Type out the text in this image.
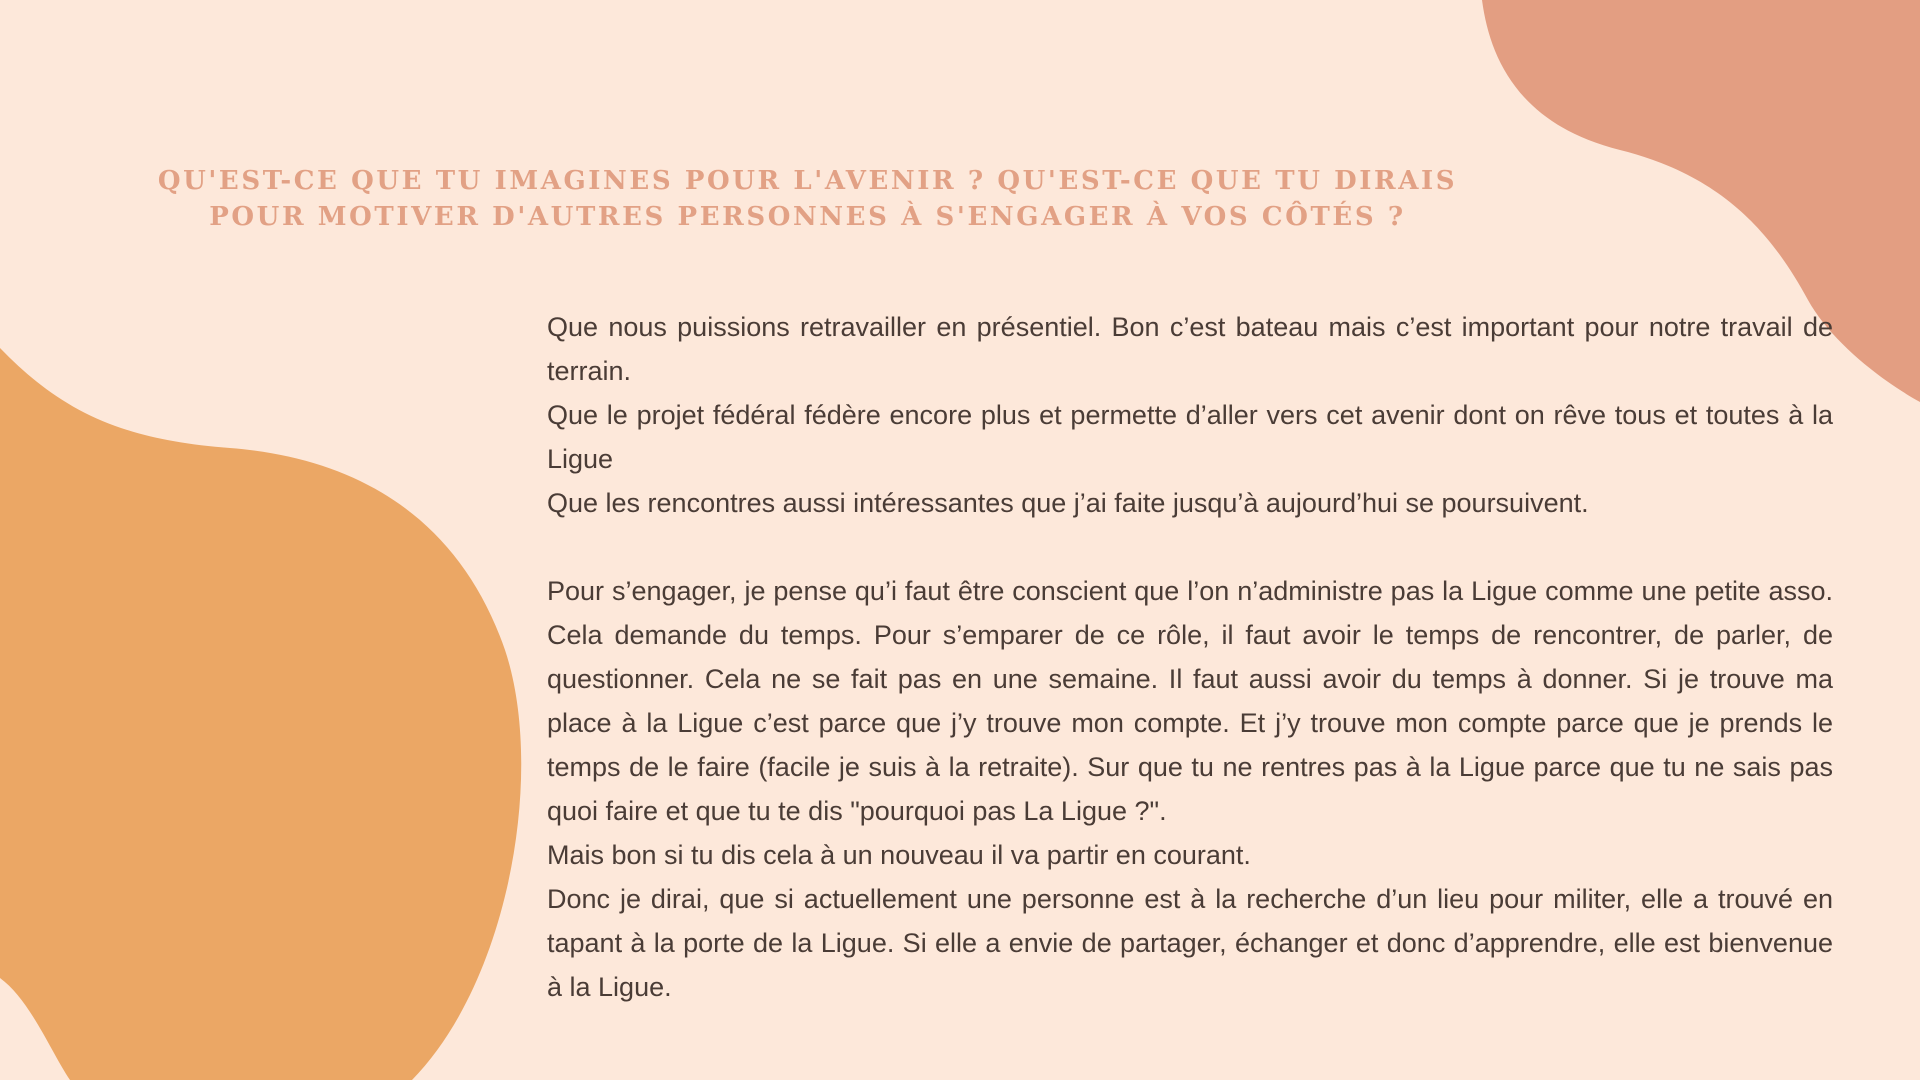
QU'EST-CE QUE TU IMAGINES POUR L'AVENIR ? QU'EST-CE QUE TU DIRAIS
POUR MOTIVER D'AUTRES PERSONNES À S'ENGAGER À VOS CÔTÉS ?

Que nous puissions retravailler en présentiel. Bon c’est bateau mais c’est important pour notre travail de terrain.

Que le projet fédéral fédère encore plus et permette d’aller vers cet avenir dont on rêve tous et toutes à la Ligue

Que les rencontres aussi intéressantes que j’ai faite jusqu’à aujourd’hui se poursuivent.

Pour s’engager, je pense qu’i faut être conscient que l’on n’administre pas la Ligue comme une petite asso. Cela demande du temps. Pour s’emparer de ce rôle, il faut avoir le temps de rencontrer, de parler, de questionner. Cela ne se fait pas en une semaine. Il faut aussi avoir du temps à donner. Si je trouve ma place à la Ligue c’est parce que j’y trouve mon compte. Et j’y trouve mon compte parce que je prends le temps de le faire (facile je suis à la retraite). Sur que tu ne rentres pas à la Ligue parce que tu ne sais pas quoi faire et que tu te dis "pourquoi pas La Ligue ?".

Mais bon si tu dis cela à un nouveau il va partir en courant.

Donc je dirai, que si actuellement une personne est à la recherche d’un lieu pour militer, elle a trouvé en tapant à la porte de la Ligue. Si elle a envie de partager, échanger et donc d’apprendre, elle est bienvenue à la Ligue.
